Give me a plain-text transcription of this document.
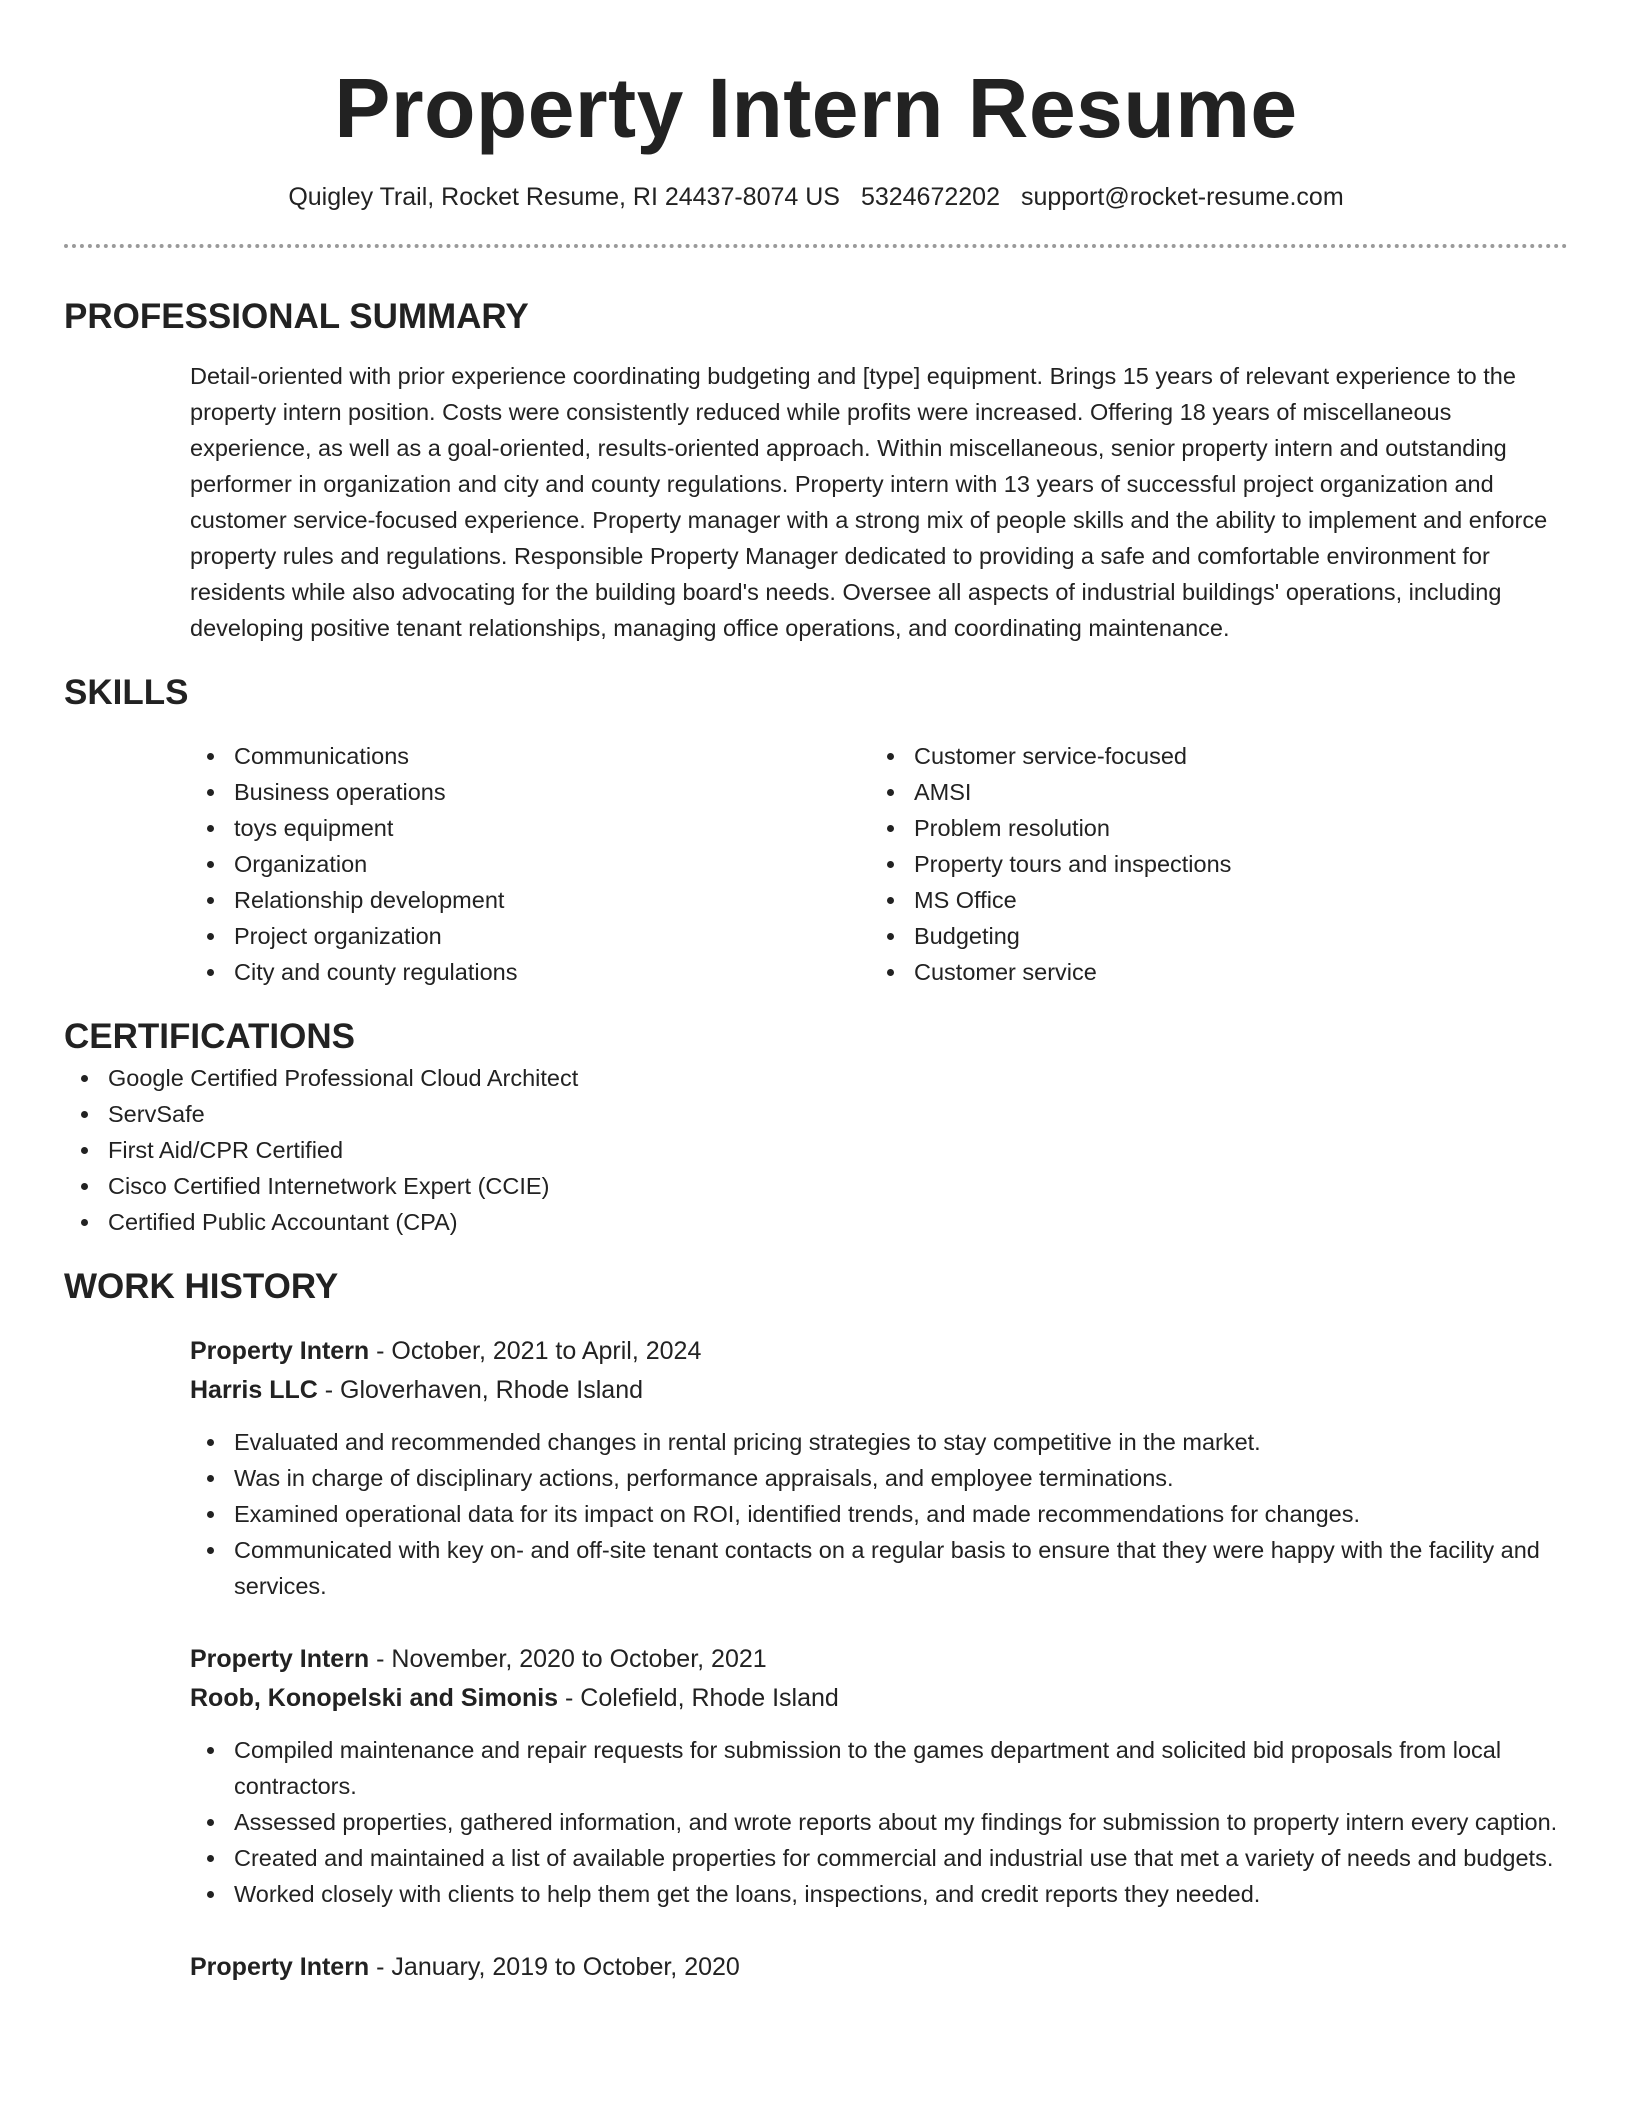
Property Intern Resume
Quigley Trail, Rocket Resume, RI 24437-8074 US 5324672202 support@rocket-resume.com
PROFESSIONAL SUMMARY

Detail-oriented with prior experience coordinating budgeting and [type] equipment. Brings 15 years of relevant experience to the property intern position. Costs were consistently reduced while profits were increased. Offering 18 years of miscellaneous experience, as well as a goal-oriented, results-oriented approach. Within miscellaneous, senior property intern and outstanding performer in organization and city and county regulations. Property intern with 13 years of successful project organization and customer service-focused experience. Property manager with a strong mix of people skills and the ability to implement and enforce property rules and regulations. Responsible Property Manager dedicated to providing a safe and comfortable environment for residents while also advocating for the building board's needs. Oversee all aspects of industrial buildings' operations, including developing positive tenant relationships, managing office operations, and coordinating maintenance.

SKILLS
Communications
Business operations
toys equipment
Organization
Relationship development
Project organization
City and county regulations
Customer service-focused
AMSI
Problem resolution
Property tours and inspections
MS Office
Budgeting
Customer service
CERTIFICATIONS
Google Certified Professional Cloud Architect
ServSafe
First Aid/CPR Certified
Cisco Certified Internetwork Expert (CCIE)
Certified Public Accountant (CPA)
WORK HISTORY
Property Intern - October, 2021 to April, 2024
Harris LLC - Gloverhaven, Rhode Island
Evaluated and recommended changes in rental pricing strategies to stay competitive in the market.
Was in charge of disciplinary actions, performance appraisals, and employee terminations.
Examined operational data for its impact on ROI, identified trends, and made recommendations for changes.
Communicated with key on- and off-site tenant contacts on a regular basis to ensure that they were happy with the facility and services.
Property Intern - November, 2020 to October, 2021
Roob, Konopelski and Simonis - Colefield, Rhode Island
Compiled maintenance and repair requests for submission to the games department and solicited bid proposals from local contractors.
Assessed properties, gathered information, and wrote reports about my findings for submission to property intern every caption.
Created and maintained a list of available properties for commercial and industrial use that met a variety of needs and budgets.
Worked closely with clients to help them get the loans, inspections, and credit reports they needed.
Property Intern - January, 2019 to October, 2020
